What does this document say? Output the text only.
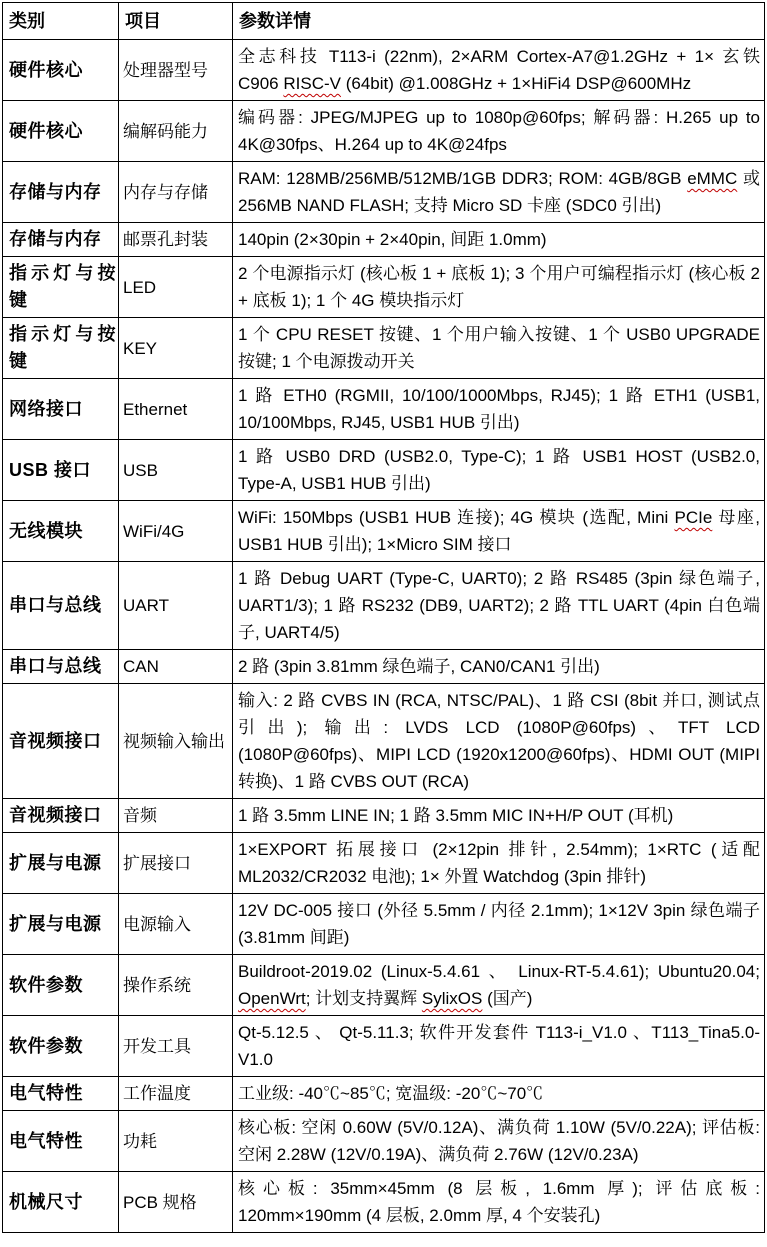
类别	项目	参数详情
硬件核心	处理器型号	全志科技 T113-i (22nm), 2×ARM Cortex-A7@1.2GHz + 1× 玄铁 C906 RISC-V (64bit) @1.008GHz + 1×HiFi4 DSP@600MHz
硬件核心	编解码能力	编码器: JPEG/MJPEG up to 1080p@60fps; 解码器: H.265 up to 4K@30fps、H.264 up to 4K@24fps
存储与内存	内存与存储	RAM: 128MB/256MB/512MB/1GB DDR3; ROM: 4GB/8GB eMMC 或 256MB NAND FLASH; 支持 Micro SD 卡座 (SDC0 引出)
存储与内存	邮票孔封装	140pin (2×30pin + 2×40pin, 间距 1.0mm)
指示灯与按键	LED	2 个电源指示灯 (核心板 1 + 底板 1); 3 个用户可编程指示灯 (核心板 2 + 底板 1); 1 个 4G 模块指示灯
指示灯与按键	KEY	1 个 CPU RESET 按键、1 个用户输入按键、1 个 USB0 UPGRADE 按键; 1 个电源拨动开关
网络接口	Ethernet	1 路 ETH0 (RGMII, 10/100/1000Mbps, RJ45); 1 路 ETH1 (USB1, 10/100Mbps, RJ45, USB1 HUB 引出)
USB 接口	USB	1 路 USB0 DRD (USB2.0, Type-C); 1 路 USB1 HOST (USB2.0, Type-A, USB1 HUB 引出)
无线模块	WiFi/4G	WiFi: 150Mbps (USB1 HUB 连接); 4G 模块 (选配, Mini PCIe 母座, USB1 HUB 引出); 1×Micro SIM 接口
串口与总线	UART	1 路 Debug UART (Type-C, UART0); 2 路 RS485 (3pin 绿色端子, UART1/3); 1 路 RS232 (DB9, UART2); 2 路 TTL UART (4pin 白色端子, UART4/5)
串口与总线	CAN	2 路 (3pin 3.81mm 绿色端子, CAN0/CAN1 引出)
音视频接口	视频输入输出	输入: 2 路 CVBS IN (RCA, NTSC/PAL)、1 路 CSI (8bit 并口, 测试点引出); 输出: LVDS LCD (1080P@60fps)、TFT LCD (1080P@60fps)、MIPI LCD (1920x1200@60fps)、HDMI OUT (MIPI 转换)、1 路 CVBS OUT (RCA)
音视频接口	音频	1 路 3.5mm LINE IN; 1 路 3.5mm MIC IN+H/P OUT (耳机)
扩展与电源	扩展接口	1×EXPORT 拓展接口 (2×12pin 排针, 2.54mm); 1×RTC (适配 ML2032/CR2032 电池); 1× 外置 Watchdog (3pin 排针)
扩展与电源	电源输入	12V DC-005 接口 (外径 5.5mm / 内径 2.1mm); 1×12V 3pin 绿色端子 (3.81mm 间距)
软件参数	操作系统	Buildroot-2019.02 (Linux-5.4.61 、 Linux-RT-5.4.61); Ubuntu20.04; OpenWrt; 计划支持翼辉 SylixOS (国产)
软件参数	开发工具	Qt-5.12.5 、 Qt-5.11.3; 软件开发套件 T113-i_V1.0 、T113_Tina5.0-V1.0
电气特性	工作温度	工业级: -40℃~85℃; 宽温级: -20℃~70℃
电气特性	功耗	核心板: 空闲 0.60W (5V/0.12A)、满负荷 1.10W (5V/0.22A); 评估板: 空闲 2.28W (12V/0.19A)、满负荷 2.76W (12V/0.23A)
机械尺寸	PCB 规格	核心板: 35mm×45mm (8 层板, 1.6mm 厚); 评估底板: 120mm×190mm (4 层板, 2.0mm 厚, 4 个安装孔)
